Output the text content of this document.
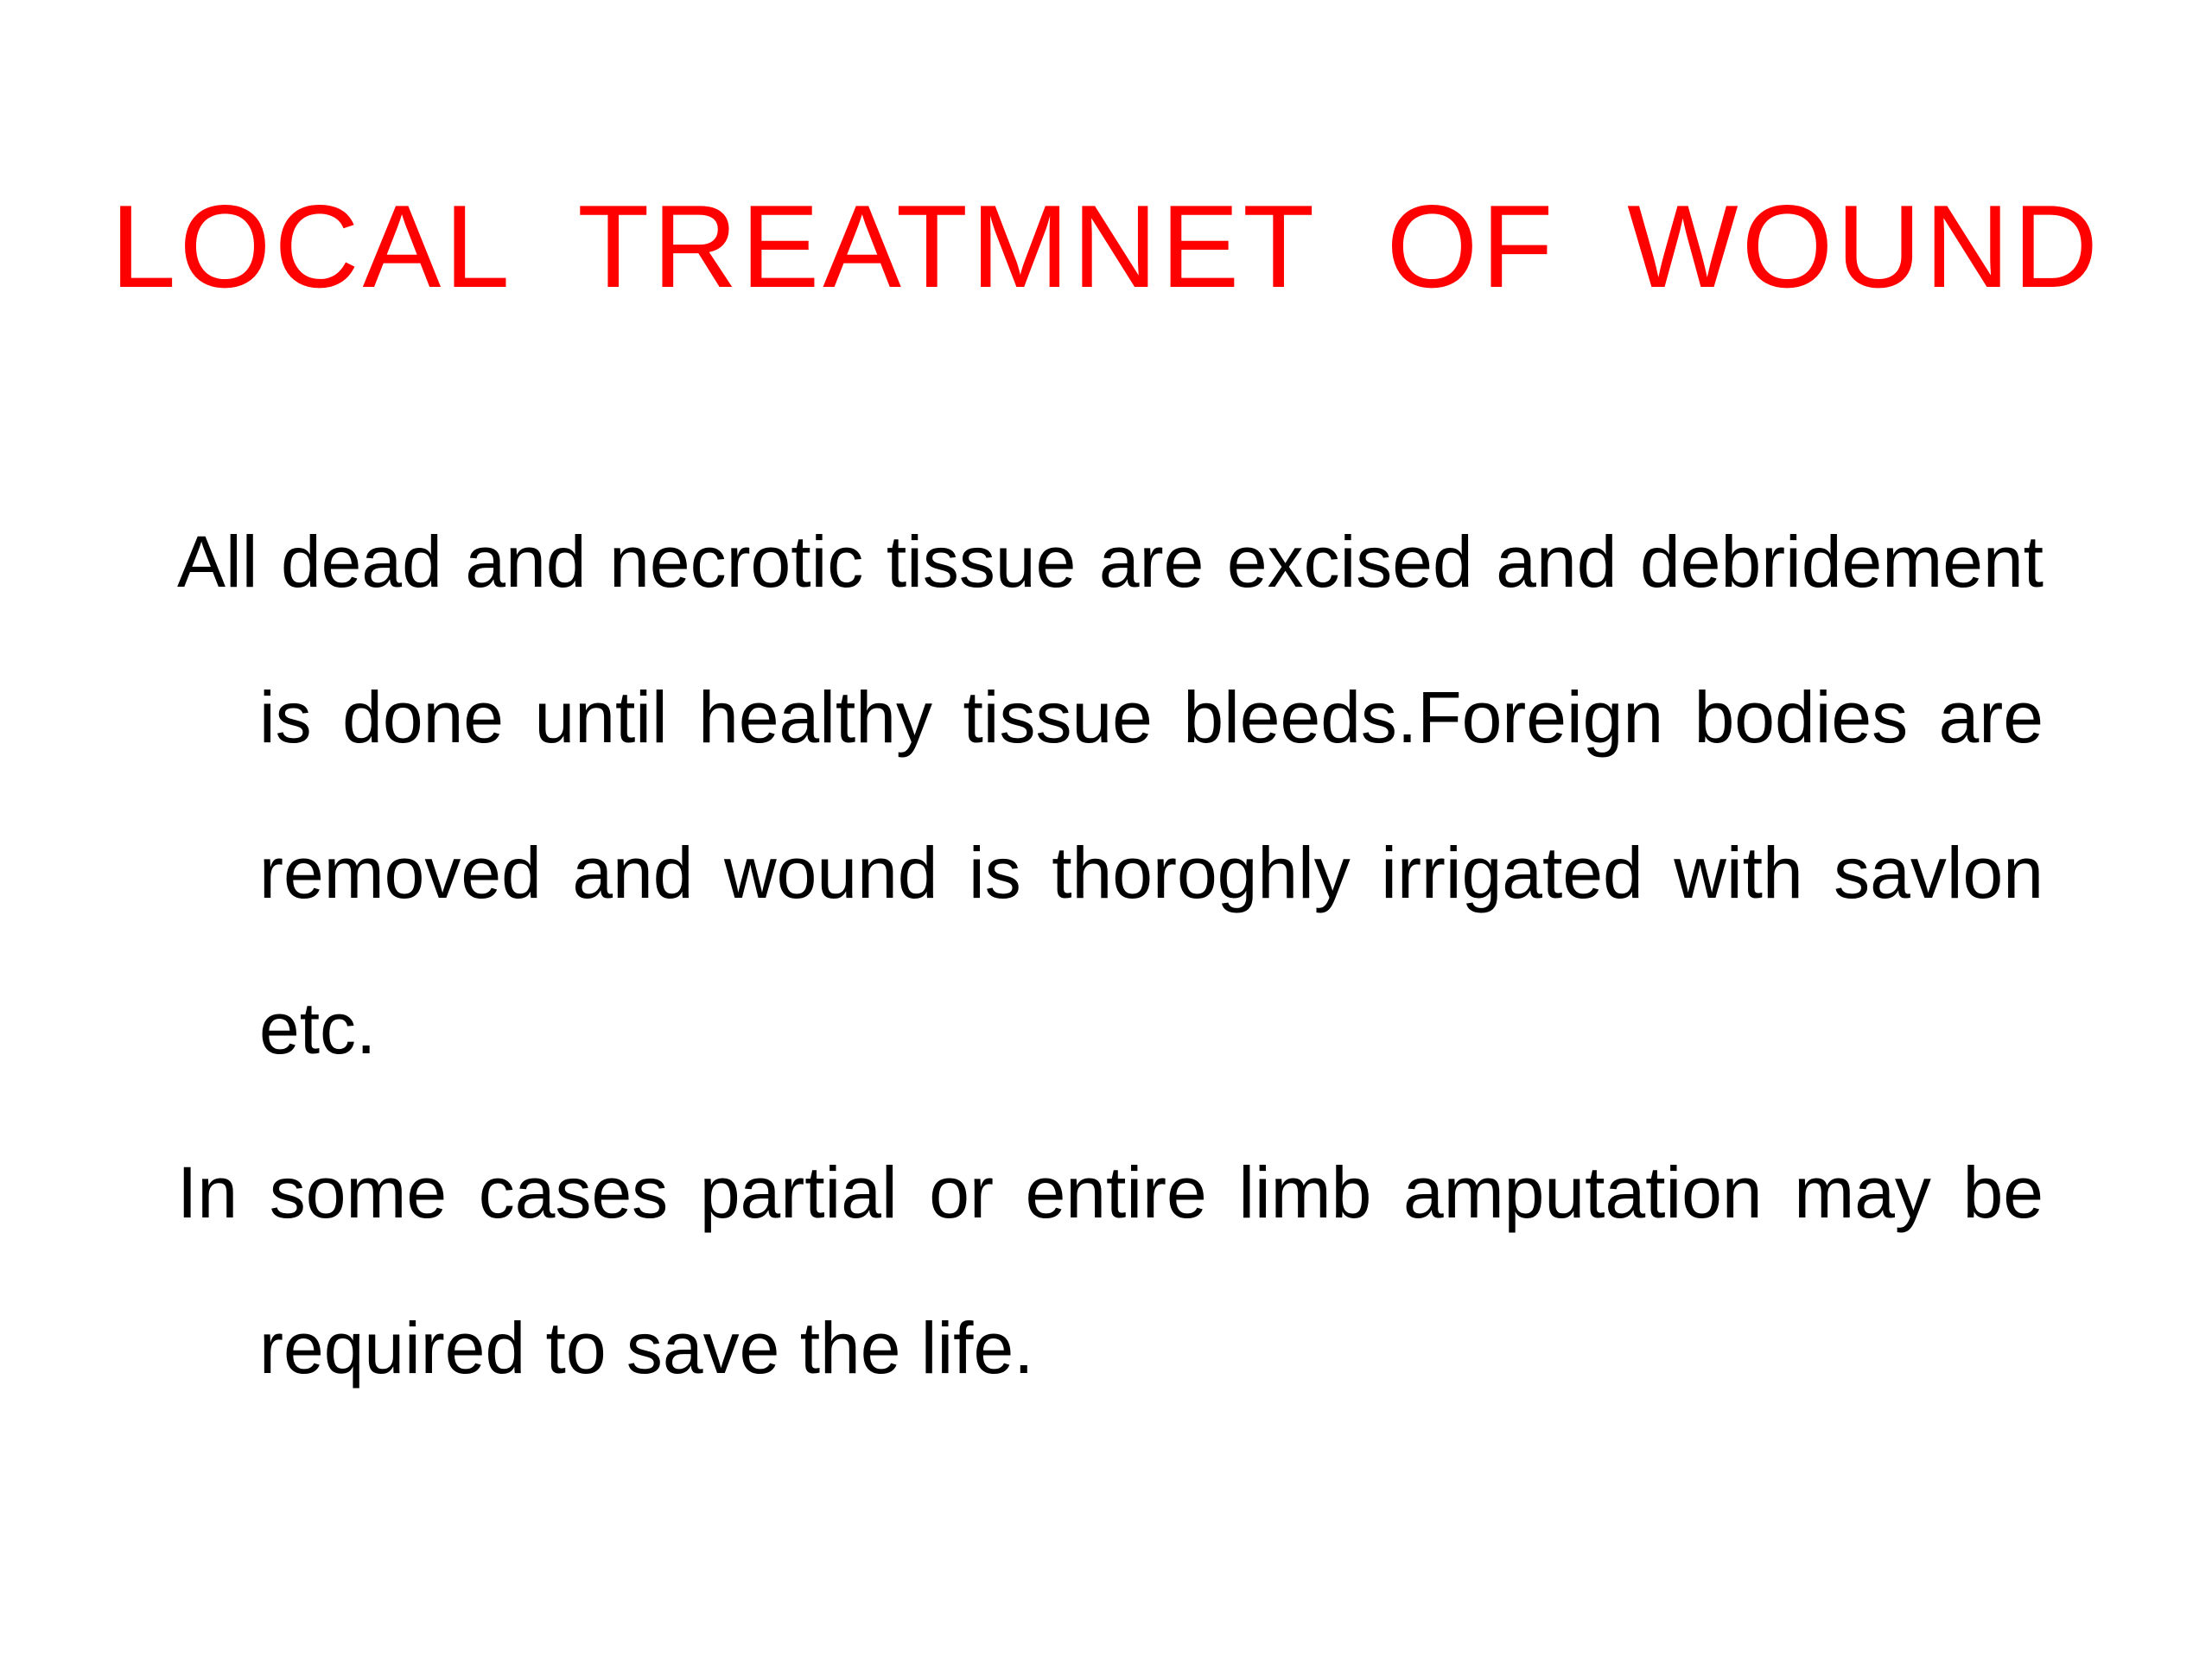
LOCAL TREATMNET OF WOUND

All dead and necrotic tissue are excised and debridement is done until healthy tissue bleeds.Foreign bodies are removed and wound is thoroghly irrigated with savlon etc.

In some cases partial or entire limb amputation may be required to save the life.
